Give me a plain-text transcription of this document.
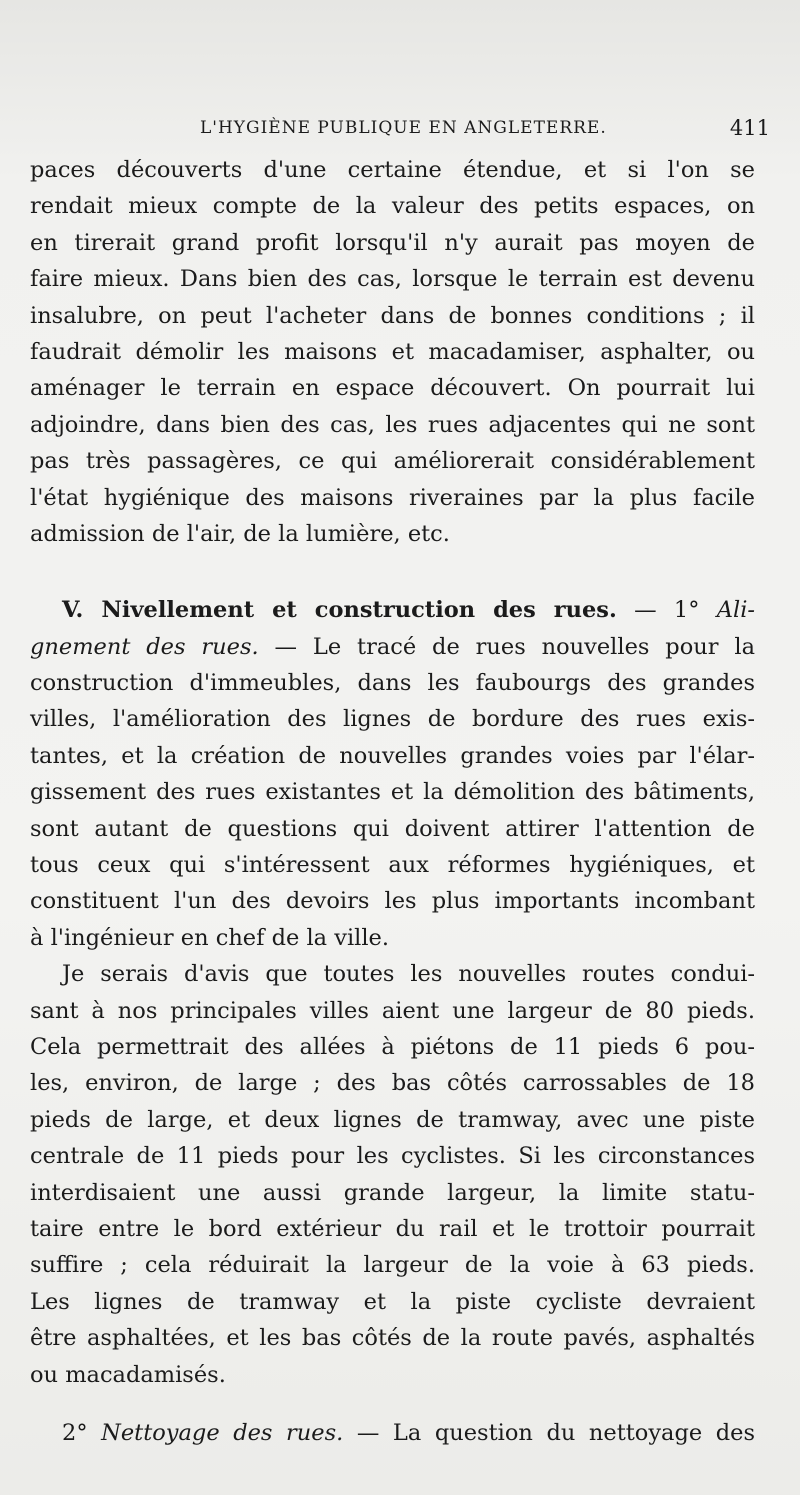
L'HYGIÈNE PUBLIQUE EN ANGLETERRE.	411
paces découverts d'une certaine étendue, et si l'on se
rendait mieux compte de la valeur des petits espaces, on
en tirerait grand profit lorsqu'il n'y aurait pas moyen de
faire mieux. Dans bien des cas, lorsque le terrain est devenu
insalubre, on peut l'acheter dans de bonnes conditions ; il
faudrait démolir les maisons et macadamiser, asphalter, ou
aménager le terrain en espace découvert. On pourrait lui
adjoindre, dans bien des cas, les rues adjacentes qui ne sont
pas très passagères, ce qui améliorerait considérablement
l'état hygiénique des maisons riveraines par la plus facile
admission de l'air, de la lumière, etc.
V. Nivellement et construction des rues. — 1° Ali-
gnement des rues. — Le tracé de rues nouvelles pour la
construction d'immeubles, dans les faubourgs des grandes
villes, l'amélioration des lignes de bordure des rues exis-
tantes, et la création de nouvelles grandes voies par l'élar-
gissement des rues existantes et la démolition des bâtiments,
sont autant de questions qui doivent attirer l'attention de
tous ceux qui s'intéressent aux réformes hygiéniques, et
constituent l'un des devoirs les plus importants incombant
à l'ingénieur en chef de la ville.
Je serais d'avis que toutes les nouvelles routes condui-
sant à nos principales villes aient une largeur de 80 pieds.
Cela permettrait des allées à piétons de 11 pieds 6 pou-
les, environ, de large ; des bas côtés carrossables de 18
pieds de large, et deux lignes de tramway, avec une piste
centrale de 11 pieds pour les cyclistes. Si les circonstances
interdisaient une aussi grande largeur, la limite statu-
taire entre le bord extérieur du rail et le trottoir pourrait
suffire ; cela réduirait la largeur de la voie à 63 pieds.
Les lignes de tramway et la piste cycliste devraient
être asphaltées, et les bas côtés de la route pavés, asphaltés
ou macadamisés.
2° Nettoyage des rues. — La question du nettoyage des
